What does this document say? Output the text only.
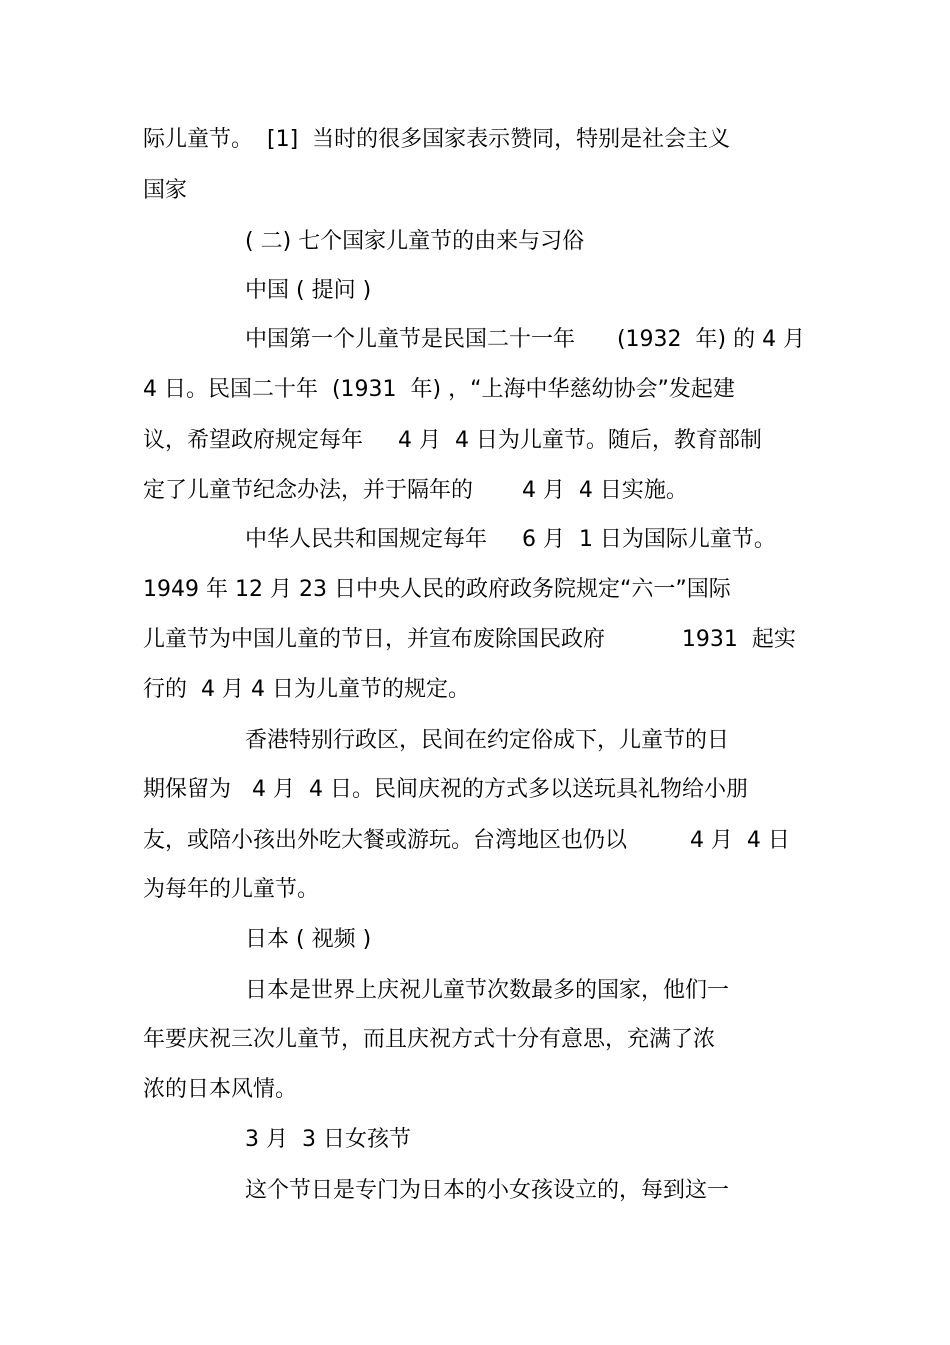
际儿童节。  [1]  当时的很多国家表示赞同，特别是社会主义

国家

( 二) 七个国家儿童节的由来与习俗

中国 ( 提问 )

中国第一个儿童节是民国二十一年      (1932  年) 的 4 月

4 日。民国二十年  (1931  年) ，“上海中华慈幼协会”发起建

议，希望政府规定每年     4 月  4 日为儿童节。随后，教育部制

定了儿童节纪念办法，并于隔年的       4 月  4 日实施。

中华人民共和国规定每年     6 月  1 日为国际儿童节。

1949 年 12 月 23 日中央人民的政府政务院规定“六一”国际

儿童节为中国儿童的节日，并宣布废除国民政府           1931  起实

行的  4 月 4 日为儿童节的规定。

香港特别行政区，民间在约定俗成下，儿童节的日

期保留为   4 月  4 日。民间庆祝的方式多以送玩具礼物给小朋

友，或陪小孩出外吃大餐或游玩。台湾地区也仍以         4 月  4 日

为每年的儿童节。

日本 ( 视频 )

日本是世界上庆祝儿童节次数最多的国家，他们一

年要庆祝三次儿童节，而且庆祝方式十分有意思，充满了浓

浓的日本风情。

3 月  3 日女孩节

这个节日是专门为日本的小女孩设立的，每到这一
